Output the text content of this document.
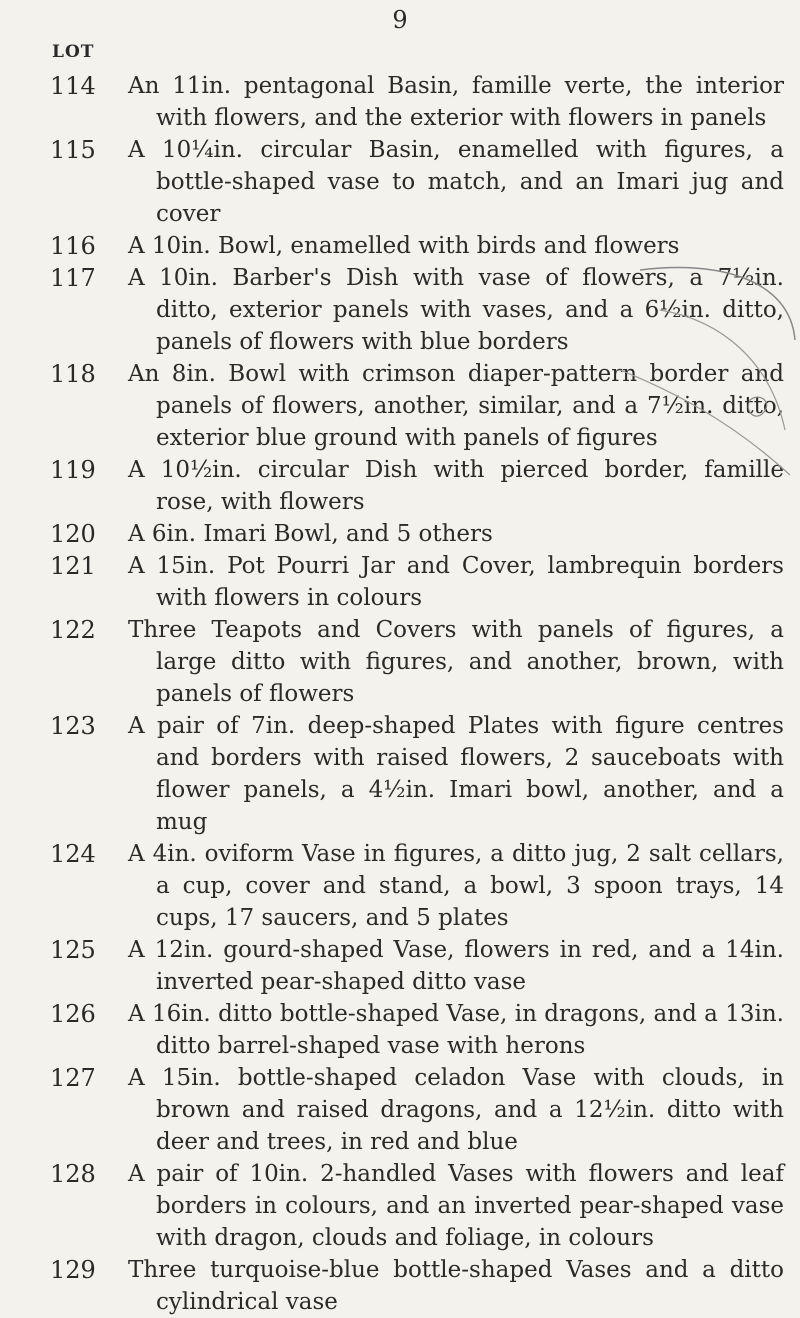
9
LOT
114	An 11in. pentagonal Basin, famille verte, the interior with flowers, and the exterior with flowers in panels
115	A 10¼in. circular Basin, enamelled with figures, a bottle-shaped vase to match, and an Imari jug and cover
116	A 10in. Bowl, enamelled with birds and flowers
117	A 10in. Barber's Dish with vase of flowers, a 7½in. ditto, exterior panels with vases, and a 6½in. ditto, panels of flowers with blue borders
118	An 8in. Bowl with crimson diaper-pattern border and panels of flowers, another, similar, and a 7½in. ditto, exterior blue ground with panels of figures
119	A 10½in. circular Dish with pierced border, famille rose, with flowers
120	A 6in. Imari Bowl, and 5 others
121	A 15in. Pot Pourri Jar and Cover, lambrequin borders with flowers in colours
122	Three Teapots and Covers with panels of figures, a large ditto with figures, and another, brown, with panels of flowers
123	A pair of 7in. deep-shaped Plates with figure centres and borders with raised flowers, 2 sauceboats with flower panels, a 4½in. Imari bowl, another, and a mug
124	A 4in. oviform Vase in figures, a ditto jug, 2 salt cellars, a cup, cover and stand, a bowl, 3 spoon trays, 14 cups, 17 saucers, and 5 plates
125	A 12in. gourd-shaped Vase, flowers in red, and a 14in. inverted pear-shaped ditto vase
126	A 16in. ditto bottle-shaped Vase, in dragons, and a 13in. ditto barrel-shaped vase with herons
127	A 15in. bottle-shaped celadon Vase with clouds, in brown and raised dragons, and a 12½in. ditto with deer and trees, in red and blue
128	A pair of 10in. 2-handled Vases with flowers and leaf borders in colours, and an inverted pear-shaped vase with dragon, clouds and foliage, in colours
129	Three turquoise-blue bottle-shaped Vases and a ditto cylindrical vase
